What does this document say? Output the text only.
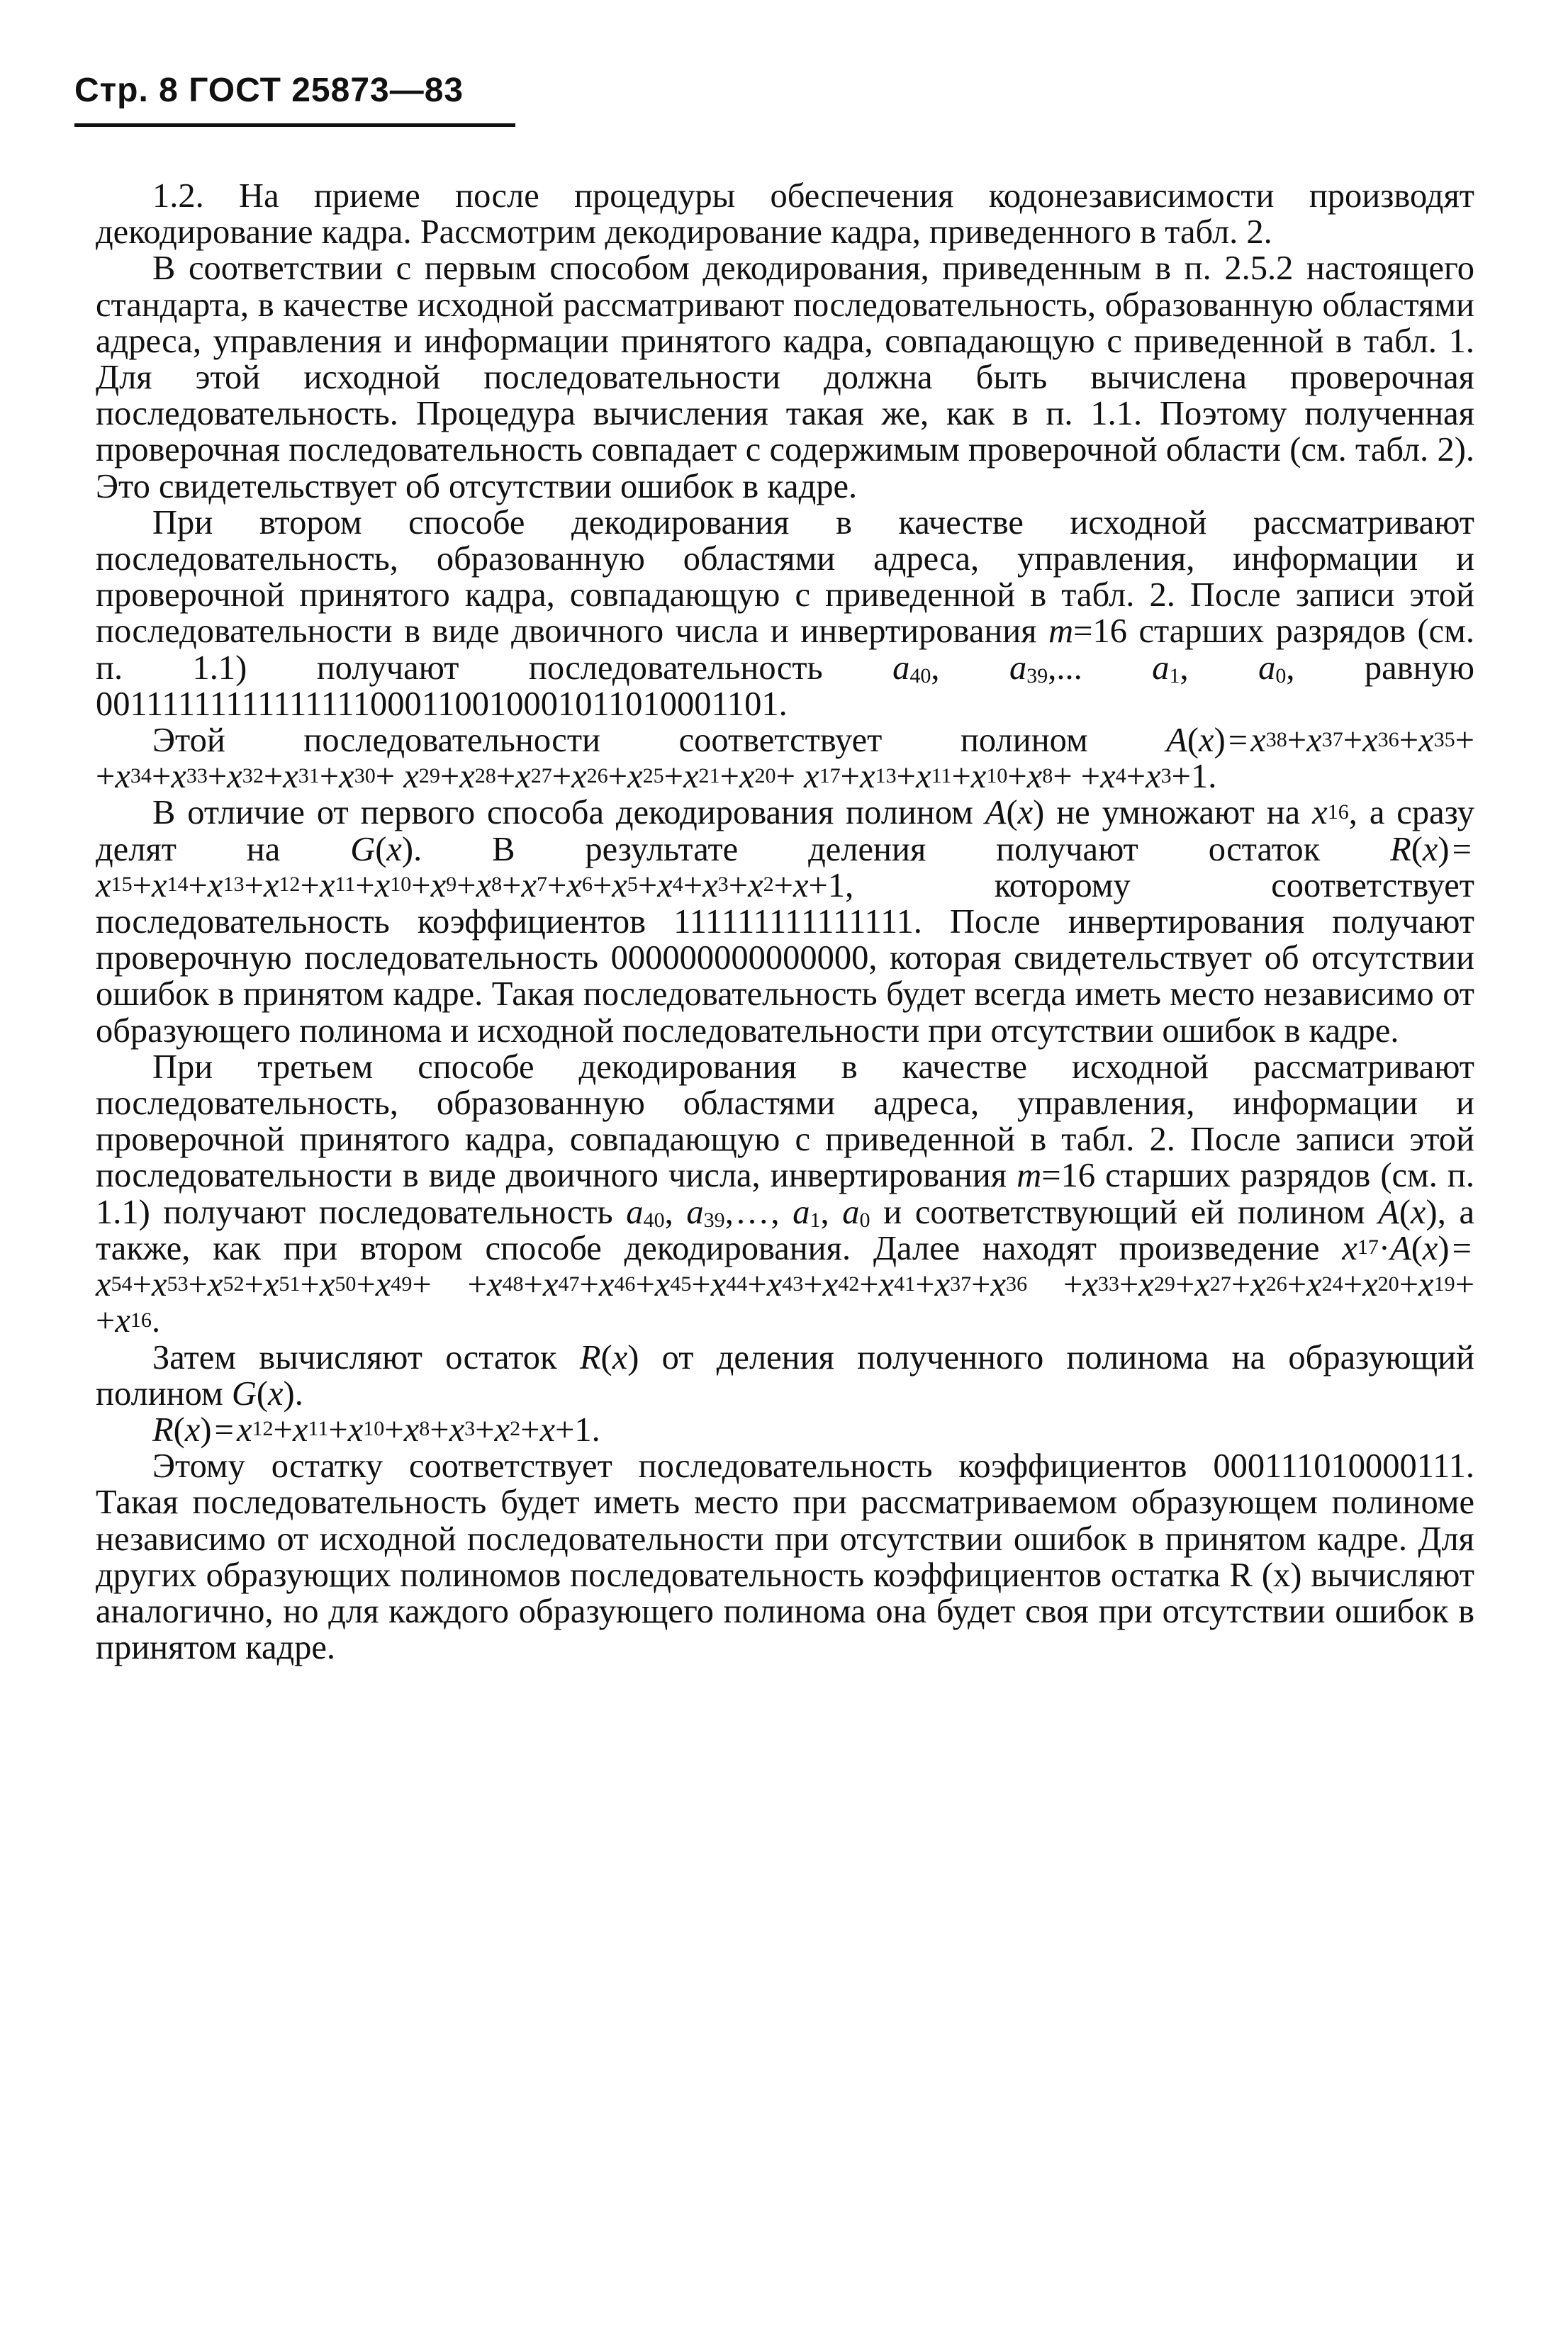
Стр. 8 ГОСТ 25873—83

1.2. На приеме после процедуры обеспечения кодонезависимости производят декодирование кадра. Рассмотрим декодирование кадра, приведенного в табл. 2.

В соответствии с первым способом декодирования, приведенным в п. 2.5.2 настоящего стандарта, в качестве исходной рассматривают последовательность, образованную областями адреса, управления и информации принятого кадра, совпадающую с приведенной в табл. 1. Для этой исходной последовательности должна быть вычислена проверочная последовательность. Процедура вычисления такая же, как в п. 1.1. Поэтому полученная проверочная последовательность совпадает с содержимым проверочной области (см. табл. 2). Это свидетельствует об отсутствии ошибок в кадре.

При втором способе декодирования в качестве исходной рассматривают последовательность, образованную областями адреса, управления, информации и проверочной принятого кадра, совпадающую с приведенной в табл. 2. После записи этой последовательности в виде двоичного числа и инвертирования m=16 старших разрядов (см. п. 1.1) получают последовательность $a_{40}$, $a_{39}$,... $a_1$, $a_0$, равную 00111111111111111000110010001011010001101.

Этой последовательности соответствует полином A(x) = $x^{38}+x^{37}+x^{36}+x^{35}+ +x^{34}+x^{33}+x^{32}+x^{31}+x^{30}+ x^{29}+x^{28}+x^{27}+x^{26}+x^{25}+x^{21}+x^{20}+ x^{17}+x^{13}+x^{11}+x^{10}+x^8+ +x^4+x^3+1$.

В отличие от первого способа декодирования полином A(x) не умножают на $x^{16}$, а сразу делят на G(x). В результате деления получают остаток R(x) = $x^{15}+x^{14}+x^{13}+x^{12}+x^{11}+x^{10}+x^9+x^8+x^7+x^6+x^5+x^4+x^3+x^2+x+1$, которому соответствует последовательность коэффициентов 111111111111111. После инвертирования получают проверочную последовательность 000000000000000, которая свидетельствует об отсутствии ошибок в принятом кадре. Такая последовательность будет всегда иметь место независимо от образующего полинома и исходной последовательности при отсутствии ошибок в кадре.

При третьем способе декодирования в качестве исходной рассматривают последовательность, образованную областями адреса, управления, информации и проверочной принятого кадра, совпадающую с приведенной в табл. 2. После записи этой последовательности в виде двоичного числа, инвертирования m=16 старших разрядов (см. п. 1.1) получают последовательность $a_{40}$, $a_{39}$, . . . , $a_1$, $a_0$ и соответствующий ей полином A(x), а также, как при втором способе декодирования. Далее находят произведение $x^{17}\cdot A(x)$ = $x^{54}+x^{53}+x^{52}+x^{51}+x^{50}+x^{49}+ +x^{48}+x^{47}+x^{46}+x^{45}+x^{44}+x^{43}+x^{42}+x^{41}+x^{37}+x^{36} +x^{33}+x^{29}+x^{27}+x^{26}+x^{24}+x^{20}+x^{19}+ +x^{16}$.

Затем вычисляют остаток R(x) от деления полученного полинома на образующий полином G(x).

R(x) = $x^{12}+x^{11}+x^{10}+x^8+x^3+x^2+x+1$.

Этому остатку соответствует последовательность коэффициентов 000111010000111. Такая последовательность будет иметь место при рассматриваемом образующем полиноме независимо от исходной последовательности при отсутствии ошибок в принятом кадре. Для других образующих полиномов последовательность коэффициентов остатка R (x) вычисляют аналогично, но для каждого образующего полинома она будет своя при отсутствии ошибок в принятом кадре.
